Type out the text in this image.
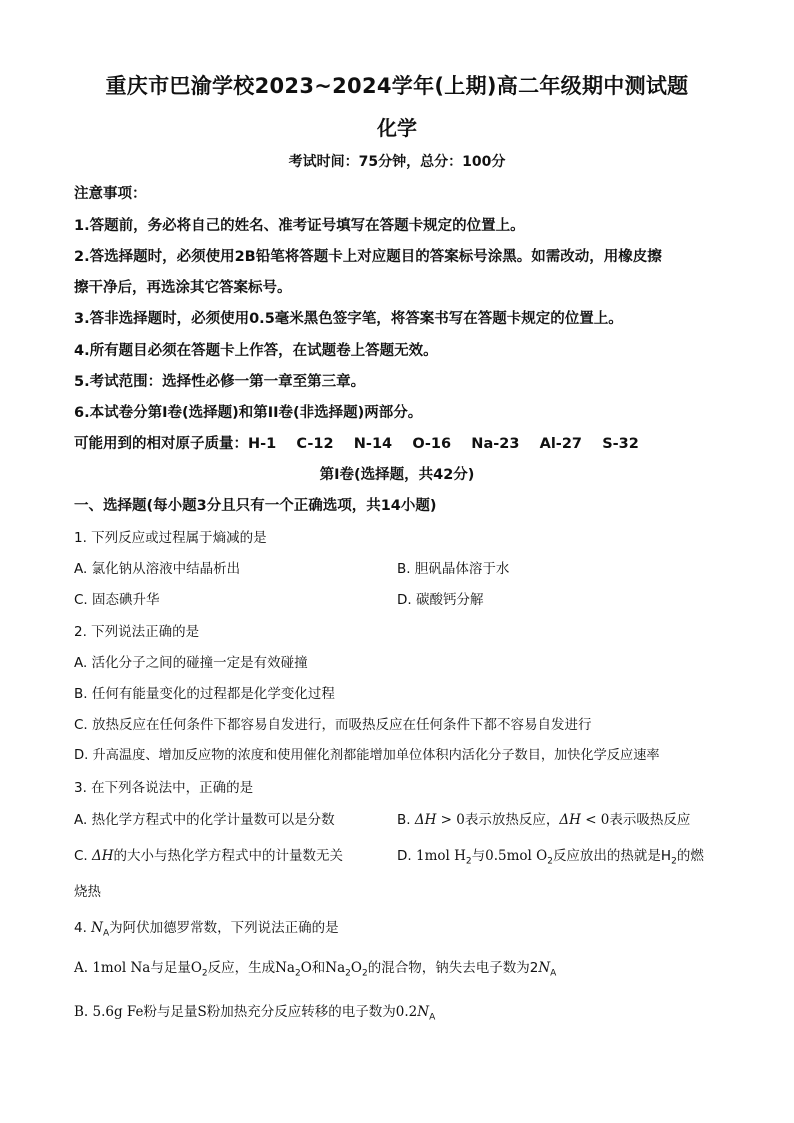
重庆市巴渝学校2023~2024学年(上期)高二年级期中测试题
化学
考试时间：75分钟，总分：100分
注意事项：
1.答题前，务必将自己的姓名、准考证号填写在答题卡规定的位置上。
2.答选择题时，必须使用2B铅笔将答题卡上对应题目的答案标号涂黑。如需改动，用橡皮擦
擦干净后，再选涂其它答案标号。
3.答非选择题时，必须使用0.5毫米黑色签字笔，将答案书写在答题卡规定的位置上。
4.所有题目必须在答题卡上作答，在试题卷上答题无效。
5.考试范围：选择性必修一第一章至第三章。
6.本试卷分第I卷(选择题)和第II卷(非选择题)两部分。
可能用到的相对原子质量：H-1    C-12    N-14    O-16    Na-23    Al-27    S-32
第I卷(选择题，共42分)
一、选择题(每小题3分且只有一个正确选项，共14小题)
1. 下列反应或过程属于熵减的是
A. 氯化钠从溶液中结晶析出	B. 胆矾晶体溶于水
C. 固态碘升华	D. 碳酸钙分解
2. 下列说法正确的是
A. 活化分子之间的碰撞一定是有效碰撞
B. 任何有能量变化的过程都是化学变化过程
C. 放热反应在任何条件下都容易自发进行，而吸热反应在任何条件下都不容易自发进行
D. 升高温度、增加反应物的浓度和使用催化剂都能增加单位体积内活化分子数目，加快化学反应速率
3. 在下列各说法中，正确的是
A. 热化学方程式中的化学计量数可以是分数	B. ΔH > 0表示放热反应，ΔH < 0表示吸热反应
C. ΔH的大小与热化学方程式中的计量数无关	D. 1mol $H_2$与0.5mol $O_2$反应放出的热就是$H_2$的燃
烧热
4. $N_A$为阿伏加德罗常数，下列说法正确的是
A. 1mol Na与足量$O_2$反应，生成$Na_2O$和$Na_2O_2$的混合物，钠失去电子数为$2N_A$
B. 5.6g Fe粉与足量S粉加热充分反应转移的电子数为$0.2N_A$
